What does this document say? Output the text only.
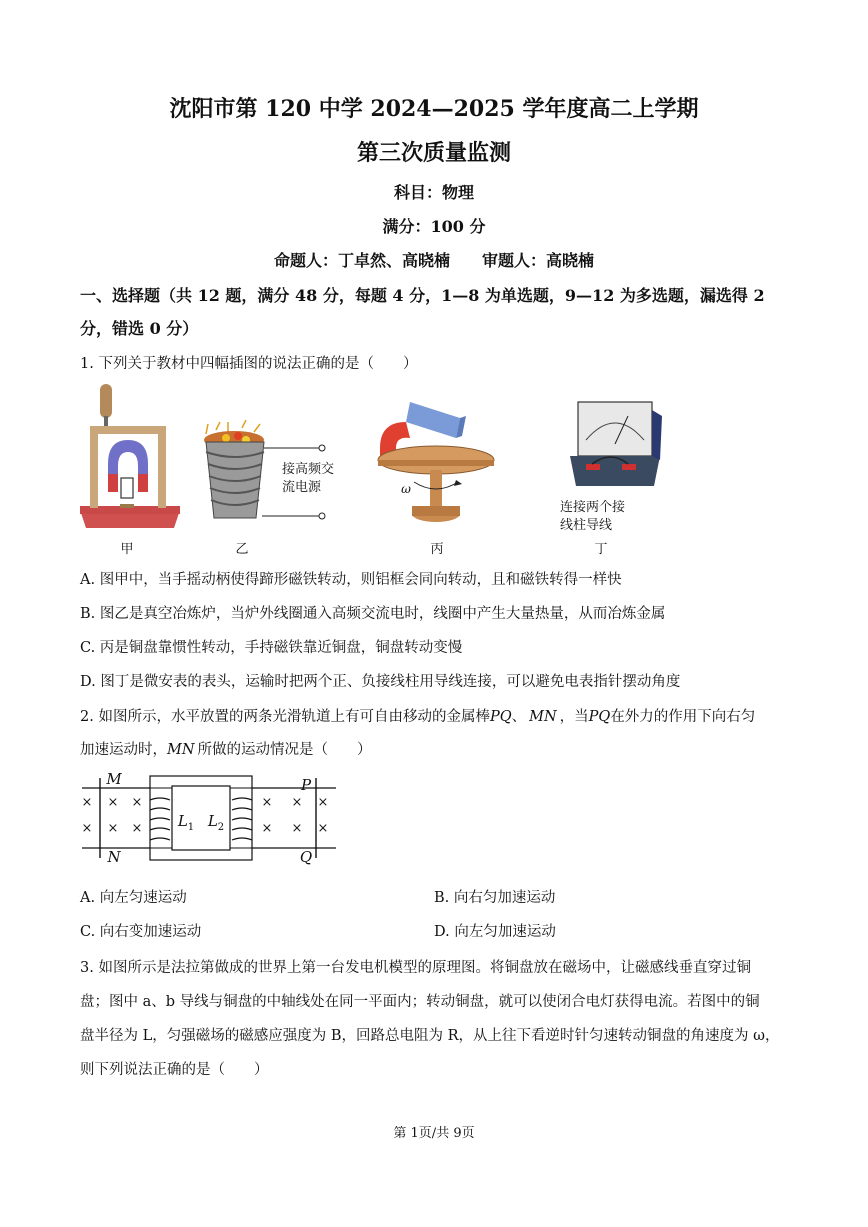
沈阳市第 120 中学 2024—2025 学年度高二上学期
第三次质量监测
科目：物理
满分：100 分
命题人：丁卓然、高晓楠　　审题人：高晓楠
一、选择题（共 12 题，满分 48 分，每题 4 分，1—8 为单选题，9—12 为多选题，漏选得 2
分，错选 0 分）
1. 下列关于教材中四幅插图的说法正确的是（　　）
甲
接高频交
流电源
乙
ω
丙
连接两个接
线柱导线
丁
A. 图甲中，当手摇动柄使得蹄形磁铁转动，则铝框会同向转动，且和磁铁转得一样快
B. 图乙是真空冶炼炉，当炉外线圈通入高频交流电时，线圈中产生大量热量，从而冶炼金属
C. 丙是铜盘靠惯性转动，手持磁铁靠近铜盘，铜盘转动变慢
D. 图丁是微安表的表头，运输时把两个正、负接线柱用导线连接，可以避免电表指针摆动角度
2. 如图所示，水平放置的两条光滑轨道上有可自由移动的金属棒PQ、 MN ，当PQ在外力的作用下向右匀
加速运动时，MN 所做的运动情况是（　　）
M
N
P
Q
$L_1$ $L_2$
× × ×
× × ×
× × ×
× × ×
A. 向左匀速运动	B. 向右匀加速运动
C. 向右变加速运动	D. 向左匀加速运动
3. 如图所示是法拉第做成的世界上第一台发电机模型的原理图。将铜盘放在磁场中，让磁感线垂直穿过铜
盘；图中 a、b 导线与铜盘的中轴线处在同一平面内；转动铜盘，就可以使闭合电灯获得电流。若图中的铜
盘半径为 L，匀强磁场的磁感应强度为 B，回路总电阻为 R，从上往下看逆时针匀速转动铜盘的角速度为 ω，
则下列说法正确的是（　　）
第 1页/共 9页
